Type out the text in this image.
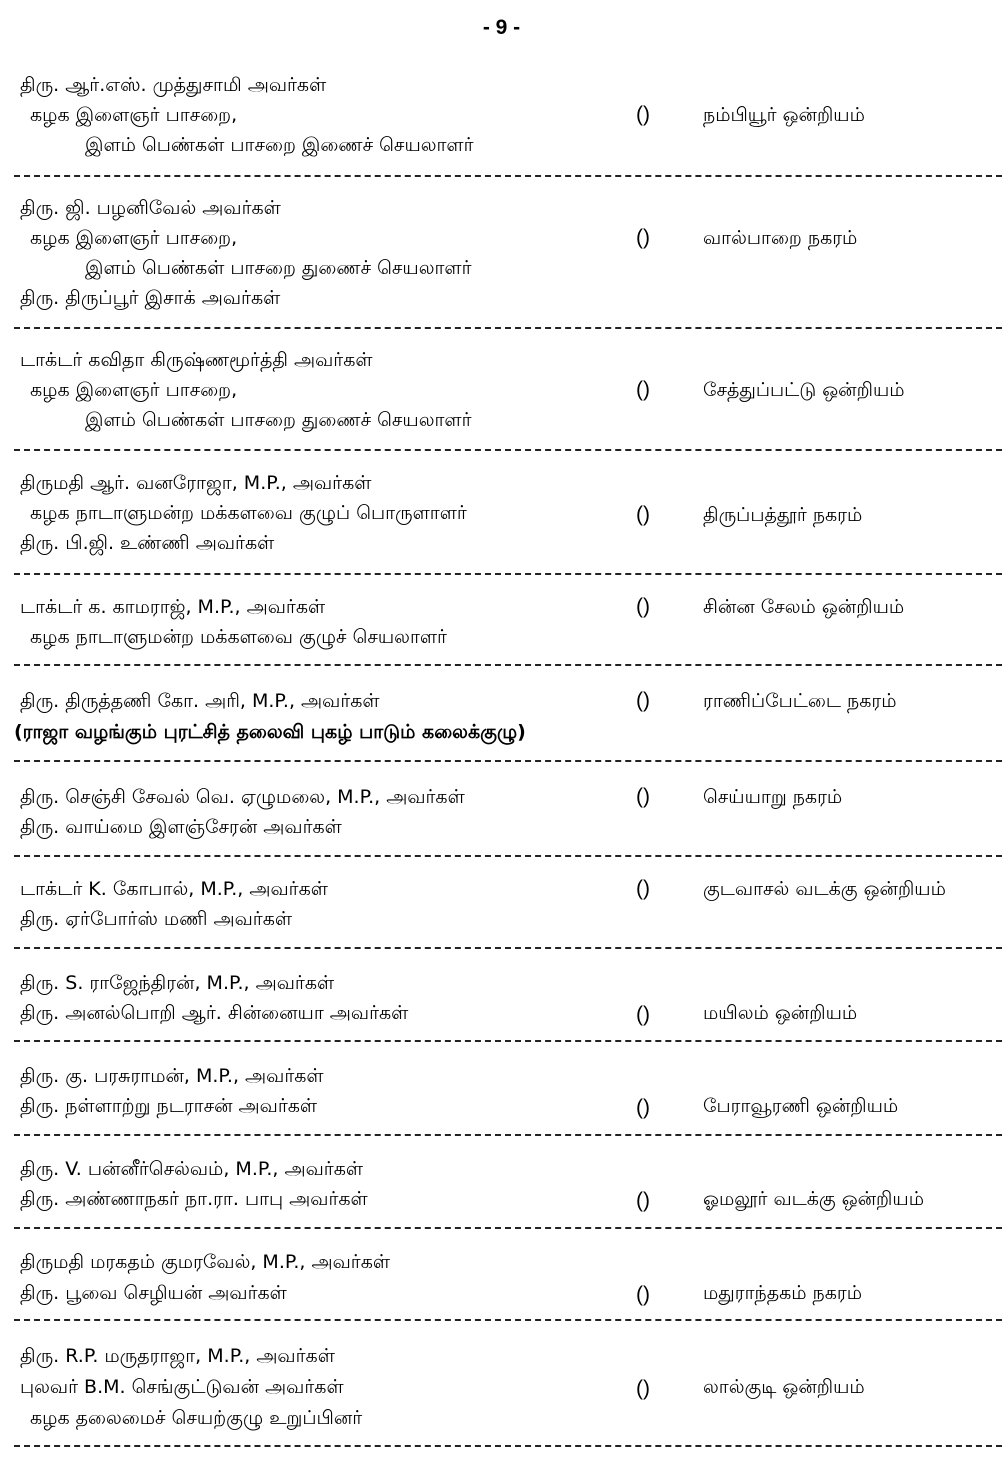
- 9 -
திரு. ஆர்.எஸ். முத்துசாமி அவர்கள்
கழக இளைஞர் பாசறை,
இளம் பெண்கள் பாசறை இணைச் செயலாளர்
()	நம்பியூர் ஒன்றியம்
திரு. ஜி. பழனிவேல் அவர்கள்
கழக இளைஞர் பாசறை,
இளம் பெண்கள் பாசறை துணைச் செயலாளர்
திரு. திருப்பூர் இசாக் அவர்கள்
()	வால்பாறை நகரம்
டாக்டர் கவிதா கிருஷ்ணமூர்த்தி அவர்கள்
கழக இளைஞர் பாசறை,
இளம் பெண்கள் பாசறை துணைச் செயலாளர்
()	சேத்துப்பட்டு ஒன்றியம்
திருமதி ஆர். வனரோஜா, M.P., அவர்கள்
கழக நாடாளுமன்ற மக்களவை குழுப் பொருளாளர்
திரு. பி.ஜி. உண்ணி அவர்கள்
()	திருப்பத்தூர் நகரம்
டாக்டர் க. காமராஜ், M.P., அவர்கள்
கழக நாடாளுமன்ற மக்களவை குழுச் செயலாளர்
()	சின்ன சேலம் ஒன்றியம்
திரு. திருத்தணி கோ. அரி, M.P., அவர்கள்
(ராஜா வழங்கும் புரட்சித் தலைவி புகழ் பாடும் கலைக்குழு)
()	ராணிப்பேட்டை நகரம்
திரு. செஞ்சி சேவல் வெ. ஏழுமலை, M.P., அவர்கள்
திரு. வாய்மை இளஞ்சேரன் அவர்கள்
()	செய்யாறு நகரம்
டாக்டர் K. கோபால், M.P., அவர்கள்
திரு. ஏர்போர்ஸ் மணி அவர்கள்
()	குடவாசல் வடக்கு ஒன்றியம்
திரு. S. ராஜேந்திரன், M.P., அவர்கள்
திரு. அனல்பொறி ஆர். சின்னையா அவர்கள்	()	மயிலம் ஒன்றியம்
திரு. கு. பரசுராமன், M.P., அவர்கள்
திரு. நள்ளாற்று நடராசன் அவர்கள்	()	பேராவூரணி ஒன்றியம்
திரு. V. பன்னீர்செல்வம், M.P., அவர்கள்
திரு. அண்ணாநகர் நா.ரா. பாபு அவர்கள்	()	ஓமலூர் வடக்கு ஒன்றியம்
திருமதி மரகதம் குமரவேல், M.P., அவர்கள்
திரு. பூவை செழியன் அவர்கள்	()	மதுராந்தகம் நகரம்
திரு. R.P. மருதராஜா, M.P., அவர்கள்
புலவர் B.M. செங்குட்டுவன் அவர்கள்
கழக தலைமைச் செயற்குழு உறுப்பினர்
()	லால்குடி ஒன்றியம்
